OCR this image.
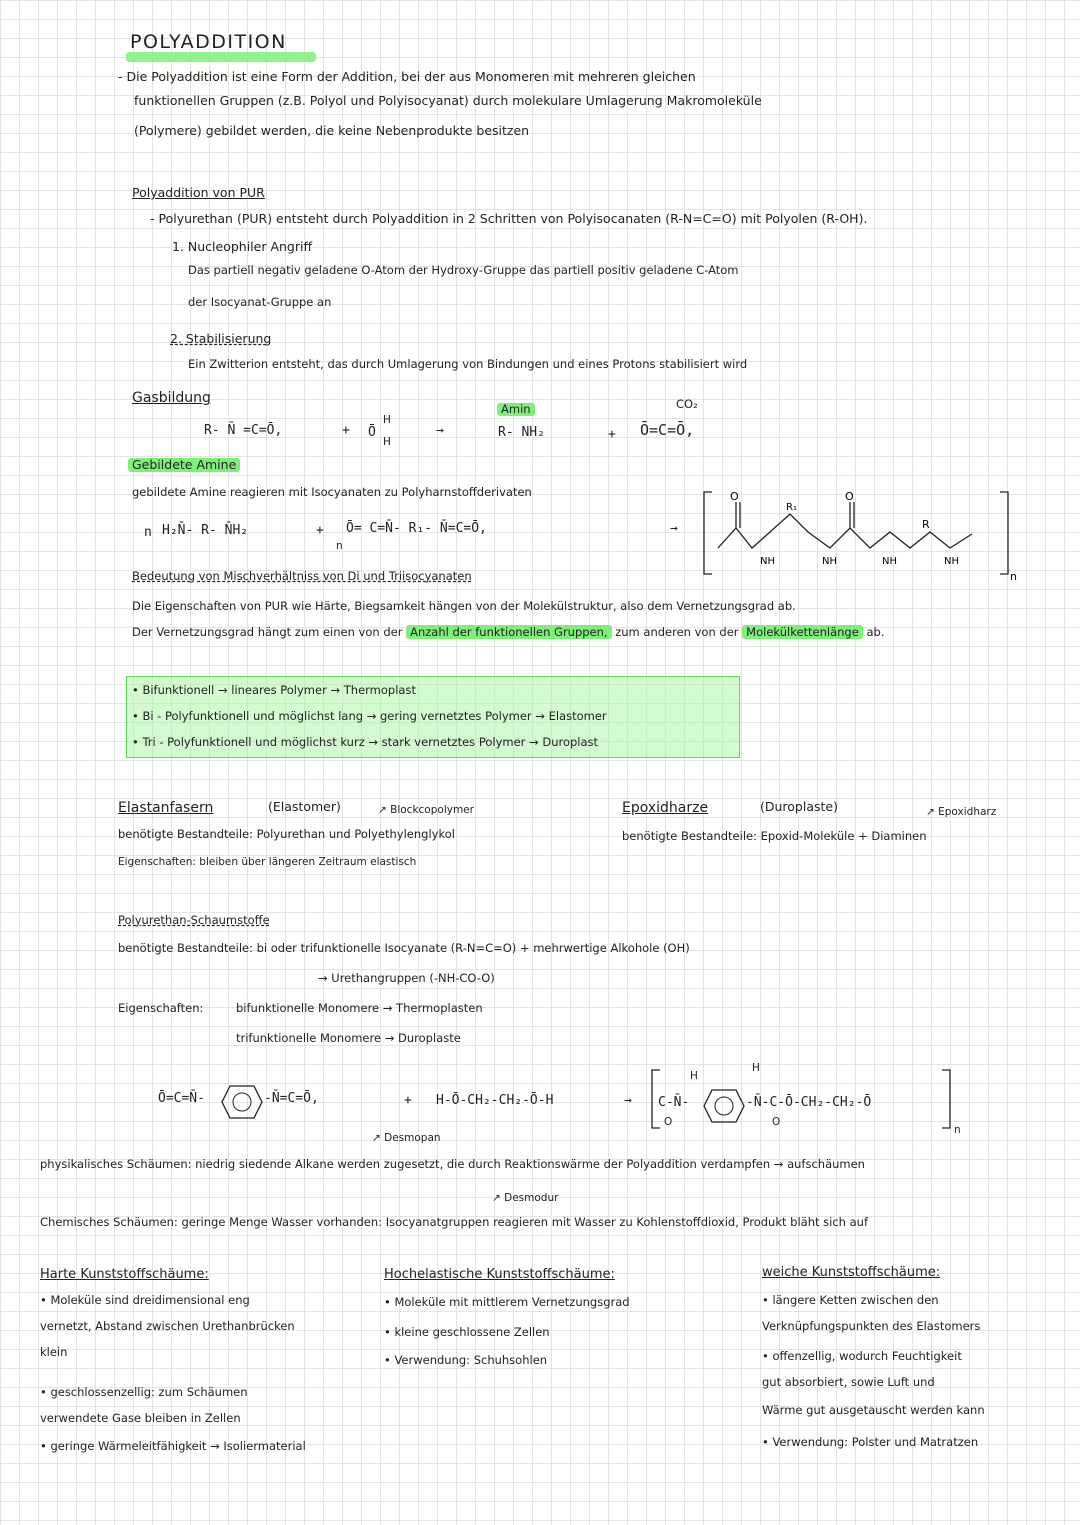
POLYADDITION
- Die Polyaddition ist eine Form der Addition, bei der aus Monomeren mit mehreren gleichen
funktionellen Gruppen (z.B. Polyol und Polyisocyanat) durch molekulare Umlagerung Makromoleküle
(Polymere) gebildet werden, die keine Nebenprodukte besitzen
Polyaddition von PUR
- Polyurethan (PUR) entsteht durch Polyaddition in 2 Schritten von Polyisocanaten (R-N=C=O) mit Polyolen (R-OH).
1. Nucleophiler Angriff
Das partiell negativ geladene O-Atom der Hydroxy-Gruppe das partiell positiv geladene C-Atom
der Isocyanat-Gruppe an
2. Stabilisierung
Ein Zwitterion entsteht, das durch Umlagerung von Bindungen und eines Protons stabilisiert wird
Gasbildung
R- N̄ =C=Ō,	+ Ō
H
H
→
Amin
R- NH₂	+
CO₂
Ō=C=Ō,
Gebildete Amine
gebildete Amine reagieren mit Isocyanaten zu Polyharnstoffderivaten
n H₂N̄- R- N̄H₂	+
n
Ō= C=N̄- R₁- N̄=C=Ō,	→
O	O
NH	NH	NH	NH
R₁
R
n
Bedeutung von Mischverhältniss von Di und Triisocyanaten
Die Eigenschaften von PUR wie Härte, Biegsamkeit hängen von der Molekülstruktur, also dem Vernetzungsgrad ab.
Der Vernetzungsgrad hängt zum einen von der Anzahl der funktionellen Gruppen, zum anderen von der Molekülkettenlänge ab.
• Bifunktionell → lineares Polymer → Thermoplast
• Bi - Polyfunktionell und möglichst lang → gering vernetztes Polymer → Elastomer
• Tri - Polyfunktionell und möglichst kurz → stark vernetztes Polymer → Duroplast
Elastanfasern	(Elastomer)	↗ Blockcopolymer
benötigte Bestandteile: Polyurethan und Polyethylenglykol
Eigenschaften: bleiben über längeren Zeitraum elastisch
Epoxidharze	(Duroplaste)	↗ Epoxidharz
benötigte Bestandteile: Epoxid-Moleküle + Diaminen
Polyurethan-Schaumstoffe
benötigte Bestandteile: bi oder trifunktionelle Isocyanate (R-N=C=O) + mehrwertige Alkohole (OH)
→ Urethangruppen (-NH-CO-O)
Eigenschaften:	bifunktionelle Monomere → Thermoplasten
trifunktionelle Monomere → Duroplaste
Ō=C=N̄-	-N̄=C=Ō,	+ H-Ō-CH₂-CH₂-Ō-H	→ C-N̄-
H
H
O	O
-N̄-C-Ō-CH₂-CH₂-Ō
n
↗ Desmopan
physikalisches Schäumen: niedrig siedende Alkane werden zugesetzt, die durch Reaktionswärme der Polyaddition verdampfen → aufschäumen
↗ Desmodur
Chemisches Schäumen: geringe Menge Wasser vorhanden: Isocyanatgruppen reagieren mit Wasser zu Kohlenstoffdioxid, Produkt bläht sich auf
Harte Kunststoffschäume:
• Moleküle sind dreidimensional eng
vernetzt, Abstand zwischen Urethanbrücken
klein
• geschlossenzellig: zum Schäumen
verwendete Gase bleiben in Zellen
• geringe Wärmeleitfähigkeit → Isoliermaterial
Hochelastische Kunststoffschäume:
• Moleküle mit mittlerem Vernetzungsgrad
• kleine geschlossene Zellen
• Verwendung: Schuhsohlen
weiche Kunststoffschäume:
• längere Ketten zwischen den
Verknüpfungspunkten des Elastomers
• offenzellig, wodurch Feuchtigkeit
gut absorbiert, sowie Luft und
Wärme gut ausgetauscht werden kann
• Verwendung: Polster und Matratzen
